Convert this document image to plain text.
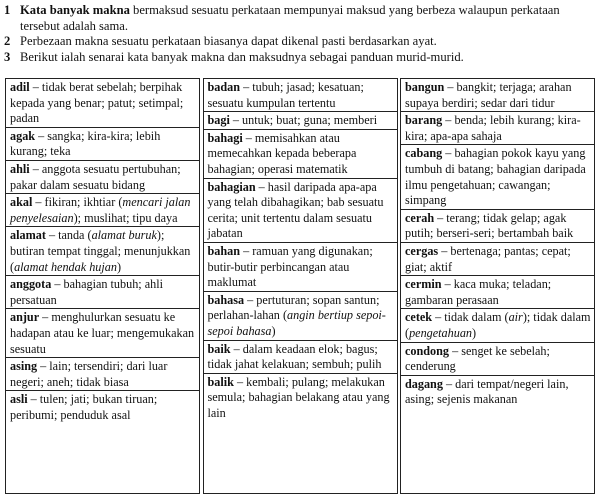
1 Kata banyak makna bermaksud sesuatu perkataan mempunyai maksud yang berbeza walaupun perkataan tersebut adalah sama.
2 Perbezaan makna sesuatu perkataan biasanya dapat dikenal pasti berdasarkan ayat.
3 Berikut ialah senarai kata banyak makna dan maksudnya sebagai panduan murid-murid.
adil – tidak berat sebelah; berpihak kepada yang benar; patut; setimpal; padan
agak – sangka; kira-kira; lebih kurang; teka
ahli – anggota sesuatu pertubuhan; pakar dalam sesuatu bidang
akal – fikiran; ikhtiar (mencari jalan penyelesaian); muslihat; tipu daya
alamat – tanda (alamat buruk); butiran tempat tinggal; menunjukkan (alamat hendak hujan)
anggota – bahagian tubuh; ahli persatuan
anjur – menghulurkan sesuatu ke hadapan atau ke luar; mengemukakan sesuatu
asing – lain; tersendiri; dari luar negeri; aneh; tidak biasa
asli – tulen; jati; bukan tiruan; peribumi; penduduk asal
badan – tubuh; jasad; kesatuan; sesuatu kumpulan tertentu
bagi – untuk; buat; guna; memberi
bahagi – memisahkan atau memecahkan kepada beberapa bahagian; operasi matematik
bahagian – hasil daripada apa-apa yang telah dibahagikan; bab sesuatu cerita; unit tertentu dalam sesuatu jabatan
bahan – ramuan yang digunakan; butir-butir perbincangan atau maklumat
bahasa – pertuturan; sopan santun; perlahan-lahan (angin bertiup sepoi-sepoi bahasa)
baik – dalam keadaan elok; bagus; tidak jahat kelakuan; sembuh; pulih
balik – kembali; pulang; melakukan semula; bahagian belakang atau yang lain
bangun – bangkit; terjaga; arahan supaya berdiri; sedar dari tidur
barang – benda; lebih kurang; kira-kira; apa-apa sahaja
cabang – bahagian pokok kayu yang tumbuh di batang; bahagian daripada ilmu pengetahuan; cawangan; simpang
cerah – terang; tidak gelap; agak putih; berseri-seri; bertambah baik
cergas – bertenaga; pantas; cepat; giat; aktif
cermin – kaca muka; teladan; gambaran perasaan
cetek – tidak dalam (air); tidak dalam (pengetahuan)
condong – senget ke sebelah; cenderung
dagang – dari tempat/negeri lain, asing; sejenis makanan
